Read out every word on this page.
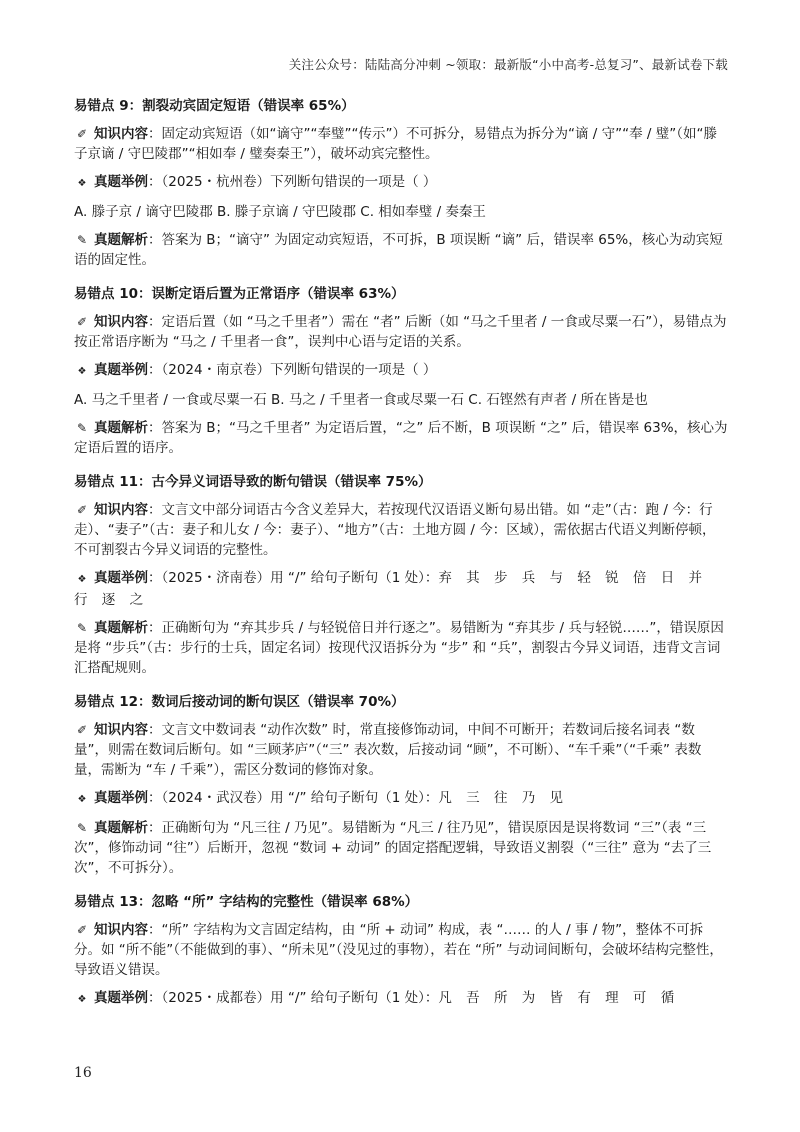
关注公众号：陆陆高分冲刺 ~领取：最新版“小中高考-总复习”、最新试卷下载
易错点 9：割裂动宾固定短语（错误率 65%）
✐ 知识内容：固定动宾短语（如“谪守”“奉璧”“传示”）不可拆分，易错点为拆分为“谪 / 守”“奉 / 璧”（如“滕子京谪 / 守巴陵郡”“相如奉 / 璧奏秦王”），破坏动宾完整性。
❖ 真题举例：（2025・杭州卷）下列断句错误的一项是（ ）
A. 滕子京 / 谪守巴陵郡 B. 滕子京谪 / 守巴陵郡 C. 相如奉璧 / 奏秦王
✎ 真题解析：答案为 B；“谪守” 为固定动宾短语，不可拆，B 项误断 “谪” 后，错误率 65%，核心为动宾短语的固定性。
易错点 10：误断定语后置为正常语序（错误率 63%）
✐ 知识内容：定语后置（如 “马之千里者”）需在 “者” 后断（如 “马之千里者 / 一食或尽粟一石”），易错点为按正常语序断为 “马之 / 千里者一食”，误判中心语与定语的关系。
❖ 真题举例：（2024・南京卷）下列断句错误的一项是（ ）
A. 马之千里者 / 一食或尽粟一石 B. 马之 / 千里者一食或尽粟一石 C. 石铿然有声者 / 所在皆是也
✎ 真题解析：答案为 B；“马之千里者” 为定语后置，“之” 后不断，B 项误断 “之” 后，错误率 63%，核心为定语后置的语序。
易错点 11：古今异义词语导致的断句错误（错误率 75%）
✐ 知识内容：文言文中部分词语古今含义差异大，若按现代汉语语义断句易出错。如 “走”（古：跑 / 今：行走）、“妻子”（古：妻子和儿女 / 今：妻子）、“地方”（古：土地方圆 / 今：区域），需依据古代语义判断停顿，不可割裂古今异义词语的完整性。
❖ 真题举例：（2025・济南卷）用 “/” 给句子断句（1 处）：弃 其 步 兵 与 轻 锐 倍 日 并 行 逐 之
✎ 真题解析：正确断句为 “弃其步兵 / 与轻锐倍日并行逐之”。易错断为 “弃其步 / 兵与轻锐……”，错误原因是将 “步兵”（古：步行的士兵，固定名词）按现代汉语拆分为 “步” 和 “兵”，割裂古今异义词语，违背文言词汇搭配规则。
易错点 12：数词后接动词的断句误区（错误率 70%）
✐ 知识内容：文言文中数词表 “动作次数” 时，常直接修饰动词，中间不可断开；若数词后接名词表 “数量”，则需在数词后断句。如 “三顾茅庐”（“三” 表次数，后接动词 “顾”，不可断）、“车千乘”（“千乘” 表数量，需断为 “车 / 千乘”），需区分数词的修饰对象。
❖ 真题举例：（2024・武汉卷）用 “/” 给句子断句（1 处）：凡 三 往 乃 见
✎ 真题解析：正确断句为 “凡三往 / 乃见”。易错断为 “凡三 / 往乃见”，错误原因是误将数词 “三”（表 “三次”，修饰动词 “往”）后断开，忽视 “数词 + 动词” 的固定搭配逻辑，导致语义割裂（“三往” 意为 “去了三次”，不可拆分）。
易错点 13：忽略 “所” 字结构的完整性（错误率 68%）
✐ 知识内容：“所” 字结构为文言固定结构，由 “所 + 动词” 构成，表 “…… 的人 / 事 / 物”，整体不可拆分。如 “所不能”（不能做到的事）、“所未见”（没见过的事物），若在 “所” 与动词间断句，会破坏结构完整性，导致语义错误。
❖ 真题举例：（2025・成都卷）用 “/” 给句子断句（1 处）：凡 吾 所 为 皆 有 理 可 循
16
